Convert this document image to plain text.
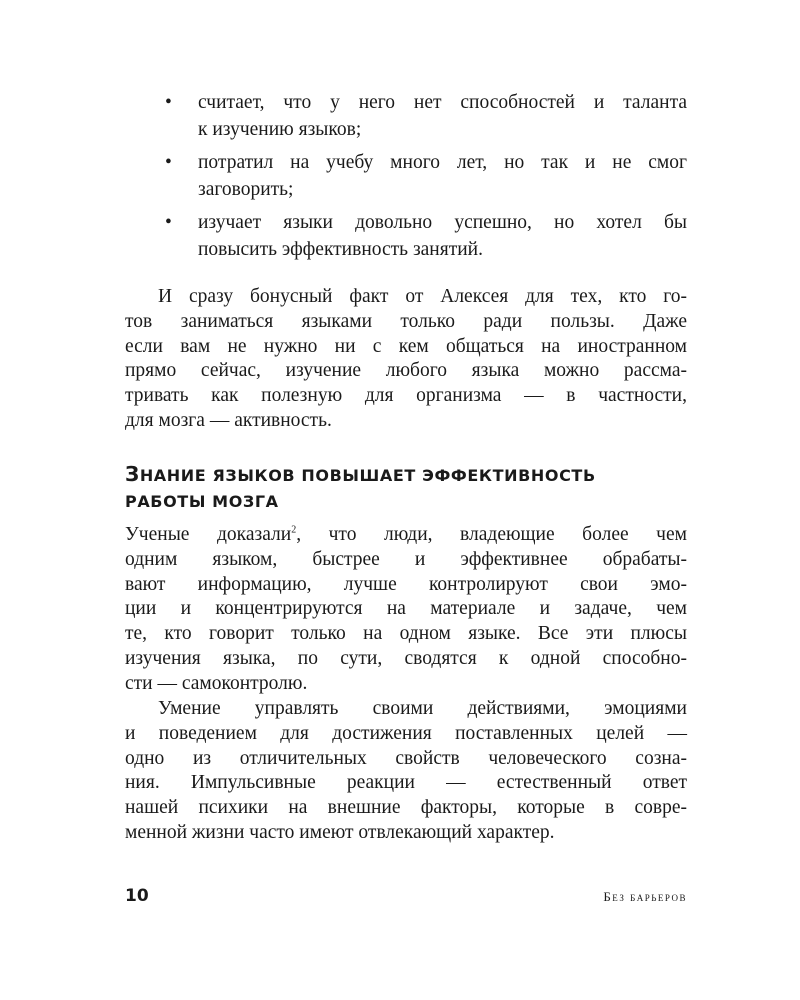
• считает, что у него нет способностей и таланта
к изучению языков;
• потратил на учебу много лет, но так и не смог
заговорить;
• изучает языки довольно успешно, но хотел бы
повысить эффективность занятий.
И сразу бонусный факт от Алексея для тех, кто го-
тов заниматься языками только ради пользы. Даже
если вам не нужно ни с кем общаться на иностранном
прямо сейчас, изучение любого языка можно рассма-
тривать как полезную для организма — в частности,
для мозга — активность.
ЗНАНИЕ ЯЗЫКОВ ПОВЫШАЕТ ЭФФЕКТИВНОСТЬ
РАБОТЫ МОЗГА
Ученые доказали$^2$, что люди, владеющие более чем
одним языком, быстрее и эффективнее обрабаты-
вают информацию, лучше контролируют свои эмо-
ции и концентрируются на материале и задаче, чем
те, кто говорит только на одном языке. Все эти плюсы
изучения языка, по сути, сводятся к одной способно-
сти — самоконтролю.
Умение управлять своими действиями, эмоциями
и поведением для достижения поставленных целей —
одно из отличительных свойств человеческого созна-
ния. Импульсивные реакции — естественный ответ
нашей психики на внешние факторы, которые в совре-
менной жизни часто имеют отвлекающий характер.
10	Без барьеров
